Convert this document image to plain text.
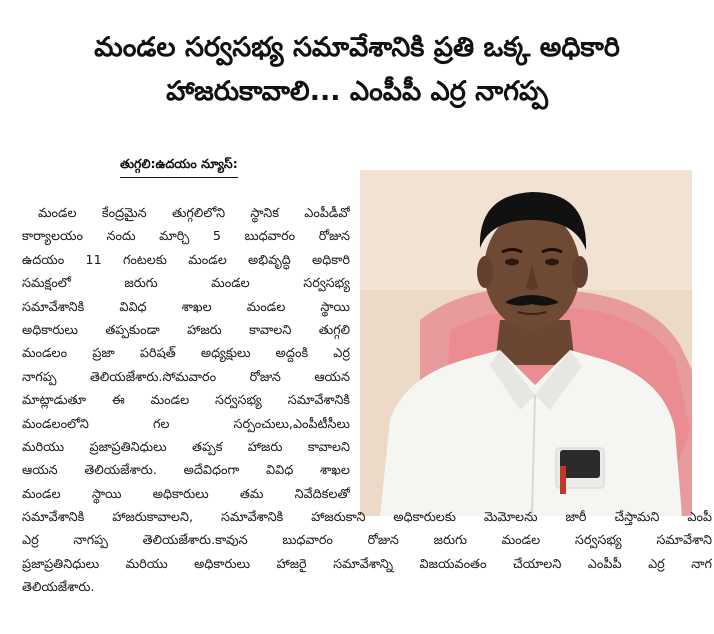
మండల సర్వసభ్య సమావేశానికి ప్రతి ఒక్క అధికారి
హాజరుకావాలి... ఎంపీపీ ఎర్ర నాగప్ప
తుగ్గలి:ఉదయం న్యూస్:
మండల కేంద్రమైన తుగ్గలిలోని స్థానిక ఎంపీడీవో
కార్యాలయం నందు మార్చి 5 బుధవారం రోజున
ఉదయం 11 గంటలకు మండల అభివృద్ధి అధికారి
సమక్షంలో జరుగు మండల సర్వసభ్య
సమావేశానికి వివిధ శాఖల మండల స్థాయి
అధికారులు తప్పకుండా హాజరు కావాలని తుగ్గలి
మండలం ప్రజా పరిషత్ అధ్యక్షులు అద్దంకి ఎర్ర
నాగప్ప తెలియజేశారు.సోమవారం రోజున ఆయన
మాట్లాడుతూ ఈ మండల సర్వసభ్య సమావేశానికి
మండలంలోని గల సర్పంచులు,ఎంపీటీసీలు
మరియు ప్రజాప్రతినిధులు తప్పక హాజరు కావాలని
ఆయన తెలియజేశారు. అదేవిధంగా వివిధ శాఖల
మండల స్థాయి అధికారులు తమ నివేదికలతో
సమావేశానికి హాజరుకావాలని, సమావేశానికి హాజరుకాని అధికారులకు మెమోలను జారీ చేస్తామని ఎంపీ
ఎర్ర నాగప్ప తెలియజేశారు.కావున బుధవారం రోజున జరుగు మండల సర్వసభ్య సమావేశాని
ప్రజాప్రతినిధులు మరియు అధికారులు హాజరై సమావేశాన్ని విజయవంతం చేయాలని ఎంపీపీ ఎర్ర నాగ
తెలియజేశారు.
